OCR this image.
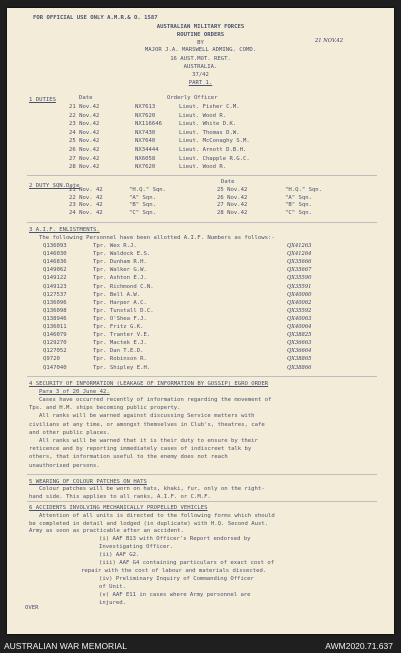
FOR OFFICIAL USE ONLY A.M.R.& O. 1587
21 NOV.42
AUSTRALIAN MILITARY FORCES
ROUTINE ORDERS
BY
MAJOR J.A. MARSWELL ADMING. COMD.
16 AUST.MOT. REGT.
AUSTRALIA.
37/42
PART 1.
1 DUTIES	Date	Orderly Officer
21 Nov.42	NX7613	Lieut. Fisher C.M.
22 Nov.42	NX7620	Lieut. Wood R.
23 Nov.42	NX116646	Lieut. White D.K.
24 Nov.42	NX7430	Lieut. Thomas D.W.
25 Nov.42	NX7640	Lieut. McConaghy S.M.
26 Nov.42	NX34444	Lieut. Arnott D.B.H.
27 Nov.42	NX6058	Lieut. Chapple R.G.C.
28 Nov.42	NX7620	Lieut. Wood R.
2 DUTY SQN.Date
Date
21 Nov. 42	"H.Q." Sqn.	25 Nov.42	"H.Q." Sqn.
22 Nov. 42	"A" Sqn.	26 Nov.42	"A" Sqn.
23 Nov. 42	"B" Sqn.	27 Nov.42	"B" Sqn.
24 Nov. 42	"C" Sqn.	28 Nov.42	"C" Sqn.
3 A.I.F. ENLISTMENTS.
The following Personnel have been allotted A.I.F. Numbers as follows:-
Q136093	Tpr. Wex R.J.	QX41263
Q146030	Tpr. Waldock E.S.	QX41264
Q146836	Tpr. Dunham R.H.	QX35666
Q149062	Tpr. Walker G.W.	QX35667
Q149122	Tpr. Ashton E.J.	QX35590
Q149123	Tpr. Richmond C.N.	QX35591
Q127537	Tpr. Bell A.W.	QX40060
Q136096	Tpr. Harper A.C.	QX40062
Q136098	Tpr. Tunstall D.C.	QX35592
Q138946	Tpr. O'Shea F.J.	QX40063
Q136011	Tpr. Fritz G.K.	QX40064
Q146079	Tpr. Tranter V.E.	QX38825
Q129270	Tpr. Mactek E.J.	QX36663
Q127052	Tpr. Dan T.E.D.	QX36664
Q9720	Tpr. Robinson R.	QX38865
Q147040	Tpr. Shipley E.H.	QX38866
4 SECURITY OF INFORMATION (LEAKAGE OF INFORMATION BY GOSSIP) EGRO ORDER
Para 3 of 20 June 42.
Cases have occurred recently of information regarding the movement of
Tps. and H.M. ships becoming public property.
All ranks will be warned against discussing Service matters with
civilians at any time, or amongst themselves in Club's, theatres, cafe
and other public places.
All ranks will be warned that it is their duty to ensure by their
reticence and by reporting immediately cases of indiscreet talk by
others, that information useful to the enemy does not reach
unauthorised persons.
5 WEARING OF COLOUR PATCHES ON HATS
Colour patches will be worn on hats, khaki, fur, only on the right-
hand side. This applies to all ranks, A.I.F. or C.M.F.
6 ACCIDENTS INVOLVING MECHANICALLY PROPELLED VEHICLES
Attention of all units is directed to the following forms which should
be completed in detail and lodged (in duplicate) with H.Q. Second Aust.
Army as soon as practicable after an accident.
(i) AAF B13 with Officer's Report endorsed by
Investigating Officer.
(ii) AAF G2.
(iii) AAF G4 containing particulars of exact cost of
repair with the cost of labour and materials dissected.
(iv) Preliminary Inquiry of Commanding Officer
of Unit.
(v) AAF E11 in cases where Army personnel are
injured.
OVER
AUSTRALIAN WAR MEMORIAL	AWM2020.71.637
